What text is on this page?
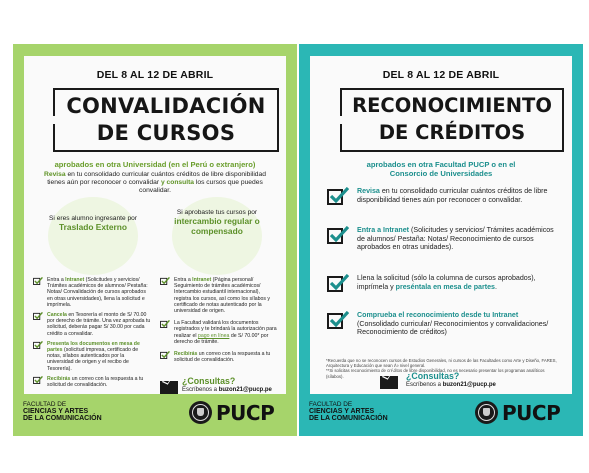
DEL 8 AL 12 DE ABRIL
CONVALIDACIÓN
DE CURSOS
aprobados en otra Universidad (en el Perú o extranjero)
Revisa en tu consolidado curricular cuántos créditos de libre disponibilidad tienes aún por reconocer o convalidar y consulta los cursos que puedes convalidar.
Si eres alumno ingresante por
Traslado Externo
Si aprobaste tus cursos por
intercambio regular o compensado
Entra a Intranet (Solicitudes y servicios/ Trámites académicos de alumnos/ Pestaña: Notas/ Convalidación de cursos aprobados en otras universidades), llena la solicitud e imprímela.
Cancela en Tesorería el monto de S/ 70.00 por derecho de trámite. Una vez aprobada tu solicitud, deberás pagar S/ 30.00 por cada crédito a convalidar.
Presenta los documentos en mesa de partes (solicitud impresa, certificado de notas, sílabos autenticados por la universidad de origen y el recibo de Tesorería).
Recibirás un correo con la respuesta a tu solicitud de convalidación.
Entra a Intranet (Página personal/ Seguimiento de trámites académicos/ Intercambio estudiantil internacional), registra los cursos, así como los sílabos y certificado de notas autenticado por la universidad de origen.
La Facultad validará los documentos registrados y te brindará la autorización para realizar el pago en línea de S/ 70.00* por derecho de trámite.
Recibirás un correo con la respuesta a tu solicitud de convalidación.
¿Consultas?
Escríbenos a buzon21@pucp.pe
FACULTAD DE
CIENCIAS Y ARTES
DE LA COMUNICACIÓN	PUCP
DEL 8 AL 12 DE ABRIL
RECONOCIMIENTO
DE CRÉDITOS
aprobados en otra Facultad PUCP o en el
Consorcio de Universidades
Revisa en tu consolidado curricular cuántos créditos de libre disponibilidad tienes aún por reconocer o convalidar.
Entra a Intranet (Solicitudes y servicios/ Trámites académicos de alumnos/ Pestaña: Notas/ Reconocimiento de cursos aprobados en otras unidades).
Llena la solicitud (sólo la columna de cursos aprobados), imprímela y preséntala en mesa de partes.
Comprueba el reconocimiento desde tu Intranet (Consolidado curricular/ Reconocimientos y convalidaciones/ Reconocimiento de créditos)
*Recuerda que no se reconocen cursos de Estudios Generales, ni cursos de las Facultades como Arte y Diseño, FARES, Arquitectura y Educación que sean de nivel general.
**Si solicitas reconocimiento de créditos de libre disponibilidad, no es necesario presentar los programas analíticos (sílabos).	¿Consultas?
Escríbenos a buzon21@pucp.pe
FACULTAD DE
CIENCIAS Y ARTES
DE LA COMUNICACIÓN	PUCP
